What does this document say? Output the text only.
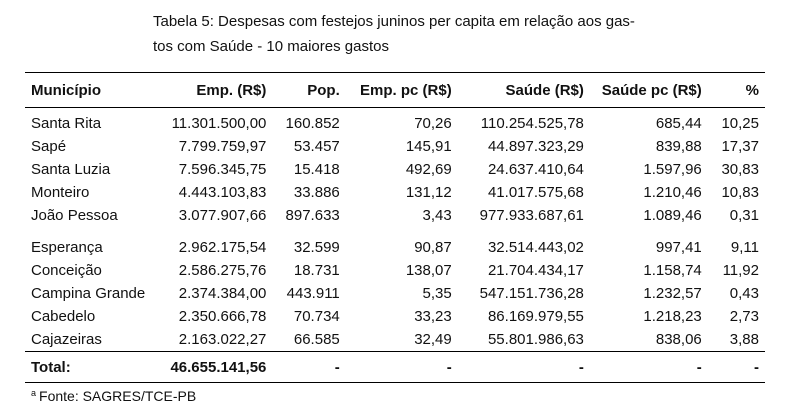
Tabela 5: Despesas com festejos juninos per capita em relação aos gas-
tos com Saúde - 10 maiores gastos
Município	Emp. (R$)	Pop.	Emp. pc (R$)	Saúde (R$)	Saúde pc (R$)	%
Santa Rita	11.301.500,00	160.852	70,26	110.254.525,78	685,44	10,25
Sapé	7.799.759,97	53.457	145,91	44.897.323,29	839,88	17,37
Santa Luzia	7.596.345,75	15.418	492,69	24.637.410,64	1.597,96	30,83
Monteiro	4.443.103,83	33.886	131,12	41.017.575,68	1.210,46	10,83
João Pessoa	3.077.907,66	897.633	3,43	977.933.687,61	1.089,46	0,31

Esperança	2.962.175,54	32.599	90,87	32.514.443,02	997,41	9,11
Conceição	2.586.275,76	18.731	138,07	21.704.434,17	1.158,74	11,92
Campina Grande	2.374.384,00	443.911	5,35	547.151.736,28	1.232,57	0,43
Cabedelo	2.350.666,78	70.734	33,23	86.169.979,55	1.218,23	2,73
Cajazeiras	2.163.022,27	66.585	32,49	55.801.986,63	838,06	3,88
Total:	46.655.141,56	-	-	-	-	-
$^a$ Fonte: SAGRES/TCE-PB
